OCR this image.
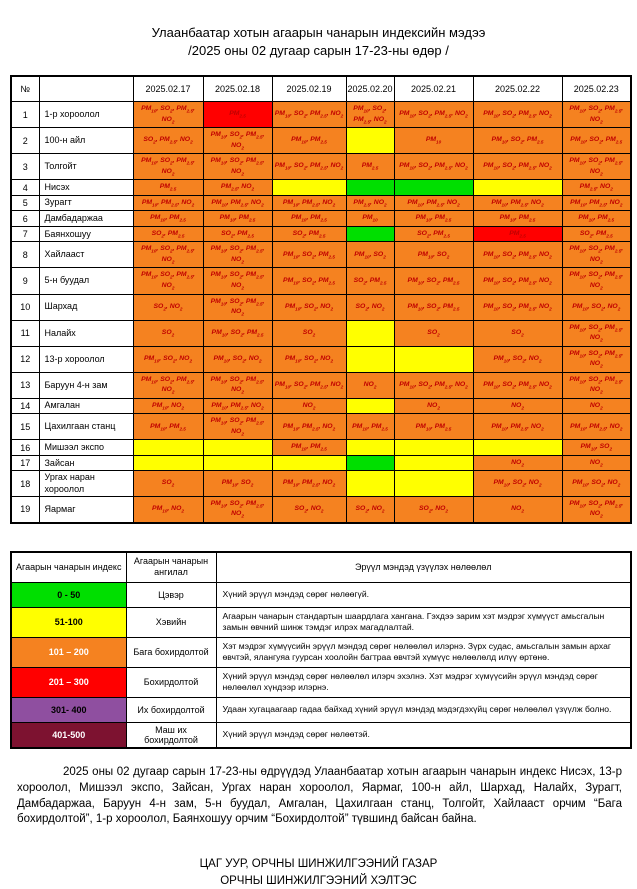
Улаанбаатар хотын агаарын чанарын индексийн мэдээ
/2025 оны 02 дугаар сарын 17-23-ны өдөр /
№		2025.02.17	2025.02.18	2025.02.19	2025.02.20	2025.02.21	2025.02.22	2025.02.23
1	1-р хороолол	$PM_{10}$, $SO_2$, $PM_{2.5}$, $NO_2$	$PM_{2.5}$	$PM_{10}$, $SO_2$, $PM_{2.5}$, $NO_2$	$PM_{10}$, $SO_2$, $PM_{2.5}$, $NO_2$	$PM_{10}$, $SO_2$, $PM_{2.5}$, $NO_2$	$PM_{10}$, $SO_2$, $PM_{2.5}$, $NO_2$	$PM_{10}$, $SO_2$, $PM_{2.5}$, $NO_2$
2	100-н айл	$SO_2$, $PM_{2.5}$, $NO_2$	$PM_{10}$, $SO_2$, $PM_{2.5}$, $NO_2$	$PM_{10}$, $PM_{2.5}$		$PM_{10}$	$PM_{10}$, $SO_2$, $PM_{2.5}$	$PM_{10}$, $SO_2$, $PM_{2.5}$
3	Толгойт	$PM_{10}$, $SO_2$, $PM_{2.5}$, $NO_2$	$PM_{10}$, $SO_2$, $PM_{2.5}$, $NO_2$	$PM_{10}$, $SO_2$, $PM_{2.5}$, $NO_2$	$PM_{2.5}$	$PM_{10}$, $SO_2$, $PM_{2.5}$, $NO_2$	$PM_{10}$, $SO_2$, $PM_{2.5}$, $NO_2$	$PM_{10}$, $SO_2$, $PM_{2.5}$, $NO_2$
4	Нисэх	$PM_{2.5}$	$PM_{2.5}$, $NO_2$					$PM_{2.5}$, $NO_2$
5	Зурагт	$PM_{10}$, $PM_{2.5}$, $NO_2$	$PM_{10}$, $PM_{2.5}$, $NO_2$	$PM_{10}$, $PM_{2.5}$, $NO_2$	$PM_{2.5}$, $NO_2$	$PM_{10}$, $PM_{2.5}$, $NO_2$	$PM_{10}$, $PM_{2.5}$, $NO_2$	$PM_{10}$, $PM_{2.5}$, $NO_2$
6	Дамбадаржаа	$PM_{10}$, $PM_{2.5}$	$PM_{10}$, $PM_{2.5}$	$PM_{10}$, $PM_{2.5}$	$PM_{10}$	$PM_{10}$, $PM_{2.5}$	$PM_{10}$, $PM_{2.5}$	$PM_{10}$, $PM_{2.5}$
7	Баянхошуу	$SO_2$, $PM_{2.5}$	$SO_2$, $PM_{2.5}$	$SO_2$, $PM_{2.5}$		$SO_2$, $PM_{2.5}$	$PM_{2.5}$	$SO_2$, $PM_{2.5}$
8	Хайлааст	$PM_{10}$, $SO_2$, $PM_{2.5}$, $NO_2$	$PM_{10}$, $SO_2$, $PM_{2.5}$, $NO_2$	$PM_{10}$, $SO_2$, $PM_{2.5}$	$PM_{10}$, $SO_2$	$PM_{10}$, $SO_2$	$PM_{10}$, $SO_2$, $PM_{2.5}$, $NO_2$	$PM_{10}$, $SO_2$, $PM_{2.5}$, $NO_2$
9	5-н буудал	$PM_{10}$, $SO_2$, $PM_{2.5}$, $NO_2$	$PM_{10}$, $SO_2$, $PM_{2.5}$, $NO_2$	$PM_{10}$, $SO_2$, $PM_{2.5}$	$SO_2$, $PM_{2.5}$	$PM_{10}$, $SO_2$, $PM_{2.5}$	$PM_{10}$, $SO_2$, $PM_{2.5}$, $NO_2$	$PM_{10}$, $SO_2$, $PM_{2.5}$, $NO_2$
10	Шархад	$SO_2$, $NO_2$	$PM_{10}$, $SO_2$, $PM_{2.5}$, $NO_2$	$PM_{10}$, $SO_2$, $NO_2$	$SO_2$, $NO_2$	$PM_{10}$, $SO_2$, $PM_{2.5}$	$PM_{10}$, $SO_2$, $PM_{2.5}$, $NO_2$	$PM_{10}$, $SO_2$, $NO_2$
11	Налайх	$SO_2$	$PM_{10}$, $SO_2$, $PM_{2.5}$	$SO_2$		$SO_2$	$SO_2$	$PM_{10}$, $SO_2$, $PM_{2.5}$, $NO_2$
12	13-р хороолол	$PM_{10}$, $SO_2$, $NO_2$	$PM_{10}$, $SO_2$, $NO_2$	$PM_{10}$, $SO_2$, $NO_2$			$PM_{10}$, $SO_2$, $NO_2$	$PM_{10}$, $SO_2$, $PM_{2.5}$, $NO_2$
13	Баруун 4-н зам	$PM_{10}$, $SO_2$, $PM_{2.5}$, $NO_2$	$PM_{10}$, $SO_2$, $PM_{2.5}$, $NO_2$	$PM_{10}$, $SO_2$, $PM_{2.5}$, $NO_2$	$NO_2$	$PM_{10}$, $SO_2$, $PM_{2.5}$, $NO_2$	$PM_{10}$, $SO_2$, $PM_{2.5}$, $NO_2$	$PM_{10}$, $SO_2$, $PM_{2.5}$, $NO_2$
14	Амгалан	$PM_{10}$, $NO_2$	$PM_{10}$, $PM_{2.5}$, $NO_2$	$NO_2$		$NO_2$	$NO_2$	$NO_2$
15	Цахилгаан станц	$PM_{10}$, $PM_{2.5}$	$PM_{10}$, $SO_2$, $PM_{2.5}$, $NO_2$	$PM_{10}$, $PM_{2.5}$, $NO_2$	$PM_{10}$, $PM_{2.5}$	$PM_{10}$, $PM_{2.5}$	$PM_{10}$, $PM_{2.5}$, $NO_2$	$PM_{10}$, $PM_{2.5}$, $NO_2$
16	Мишээл экспо			$PM_{10}$, $PM_{2.5}$				$PM_{10}$, $SO_2$
17	Зайсан						$NO_2$	$NO_2$
18	Ургах наран хороолол	$SO_2$	$PM_{10}$, $SO_2$	$PM_{10}$, $PM_{2.5}$, $NO_2$			$PM_{10}$, $SO_2$, $NO_2$	$PM_{10}$, $SO_2$, $NO_2$
19	Яармаг	$PM_{10}$, $NO_2$	$PM_{10}$, $SO_2$, $PM_{2.5}$, $NO_2$	$SO_2$, $NO_2$	$SO_2$, $NO_2$	$SO_2$, $NO_2$	$NO_2$	$PM_{10}$, $SO_2$, $PM_{2.5}$, $NO_2$
Агаарын чанарын индекс	Агаарын чанарын ангилал	Эрүүл мэндэд үзүүлэх нөлөөлөл
0 - 50	Цэвэр	Хүний эрүүл мэндэд сөрөг нөлөөгүй.
51-100	Хэвийн	Агаарын чанарын стандартын шаардлага хангана. Гэхдээ зарим хэт мэдрэг хүмүүст амьсгалын замын өвчний шинж тэмдэг илрэх магадлалтай.
101 – 200	Бага бохирдолтой	Хэт мэдрэг хүмүүсийн эрүүл мэндэд сөрөг нөлөөлөл илэрнэ. Зүрх судас, амьсгалын замын архаг өвчтэй, ялангуяа гуурсан хоолойн багтраа өвчтэй хүмүүс нөлөөлөлд илүү өртөнө.
201 – 300	Бохирдолтой	Хүний эрүүл мэндэд сөрөг нөлөөлөл илэрч эхэлнэ. Хэт мэдрэг хүмүүсийн эрүүл мэндэд сөрөг нөлөөлөл хүндээр илэрнэ.
301- 400	Их бохирдолтой	Удаан хугацаагаар гадаа байхад хүний эрүүл мэндэд мэдэгдэхүйц сөрөг нөлөөлөл үзүүлж болно.
401-500	Маш их бохирдолтой	Хүний эрүүл мэндэд сөрөг нөлөөтэй.

2025 оны 02 дугаар сарын 17-23-ны өдрүүдэд Улаанбаатар хотын агаарын чанарын индекс Нисэх, 13-р хороолол, Мишээл экспо, Зайсан, Ургах наран хороолол, Яармаг, 100-н айл, Шархад, Налайх, Зурагт, Дамбадаржаа, Баруун 4-н зам, 5-н буудал, Амгалан, Цахилгаан станц, Толгойт, Хайлааст орчим “Бага бохирдолтой”, 1-р хороолол, Баянхошуу орчим “Бохирдолтой” түвшинд байсан байна.

ЦАГ УУР, ОРЧНЫ ШИНЖИЛГЭЭНИЙ ГАЗАР
ОРЧНЫ ШИНЖИЛГЭЭНИЙ ХЭЛТЭС
